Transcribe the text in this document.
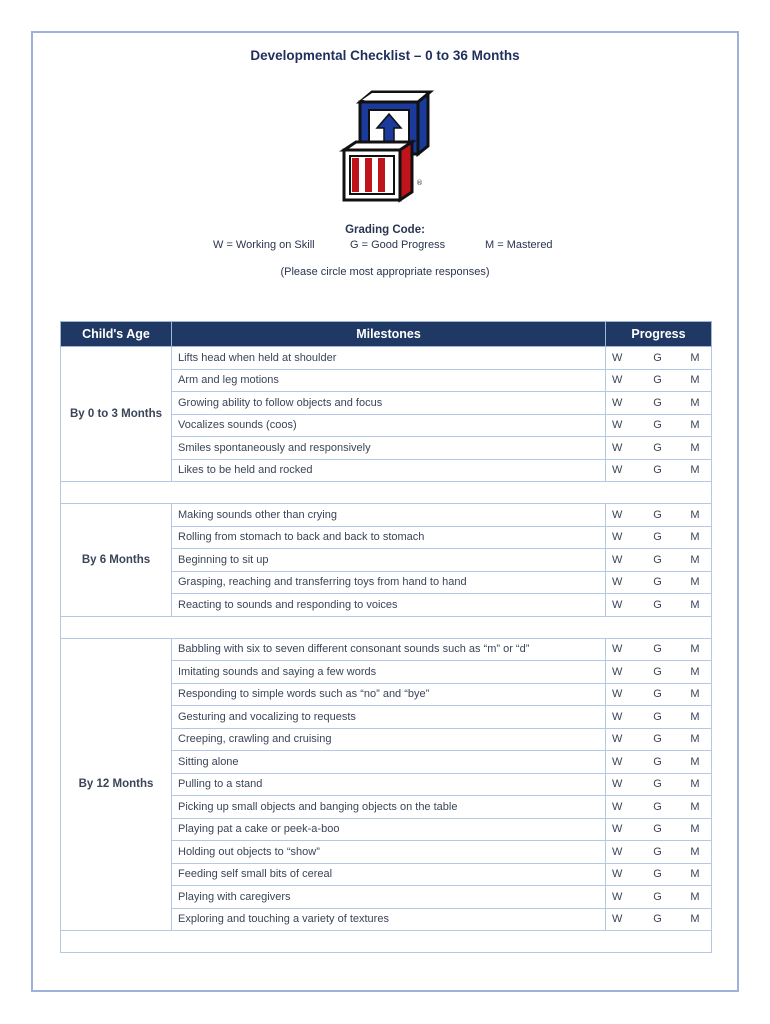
Developmental Checklist – 0 to 36 Months
®
Grading Code:
W = Working on Skill	G = Good Progress	M = Mastered
(Please circle most appropriate responses)
Child's Age	Milestones	Progress
By 0 to 3 Months	Lifts head when held at shoulder	W G M

	Arm and leg motions	W G M

	Growing ability to follow objects and focus	W G M

	Vocalizes sounds (coos)	W G M

	Smiles spontaneously and responsively	W G M

	Likes to be held and rocked	W G M

By 6 Months	Making sounds other than crying	W G M

	Rolling from stomach to back and back to stomach	W G M

	Beginning to sit up	W G M

	Grasping, reaching and transferring toys from hand to hand	W G M

	Reacting to sounds and responding to voices	W G M

By 12 Months	Babbling with six to seven different consonant sounds such as “m” or “d”	W G M

	Imitating sounds and saying a few words	W G M

	Responding to simple words such as “no” and “bye”	W G M

	Gesturing and vocalizing to requests	W G M

	Creeping, crawling and cruising	W G M

	Sitting alone	W G M

	Pulling to a stand	W G M

	Picking up small objects and banging objects on the table	W G M

	Playing pat a cake or peek-a-boo	W G M

	Holding out objects to “show”	W G M

	Feeding self small bits of cereal	W G M

	Playing with caregivers	W G M

	Exploring and touching a variety of textures	W G M
